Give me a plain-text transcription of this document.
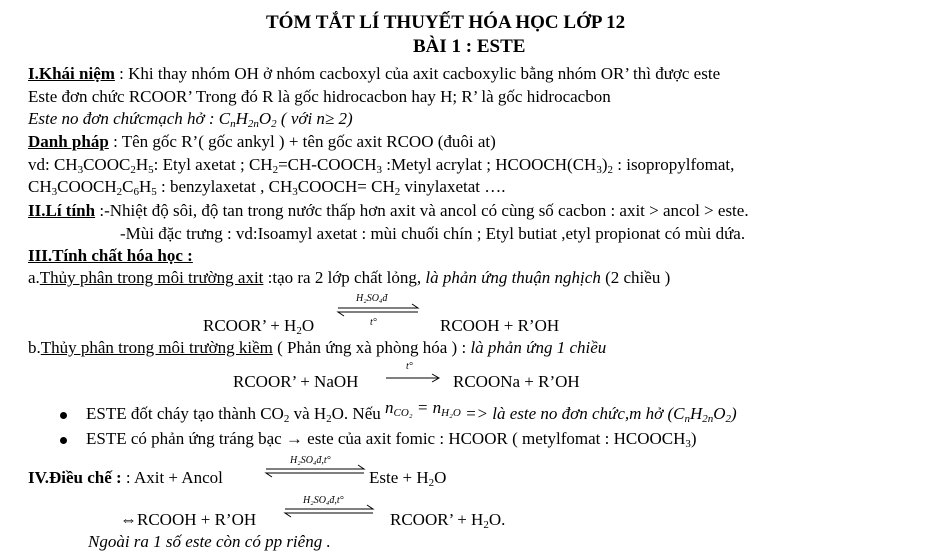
TÓM TẮT LÍ THUYẾT HÓA HỌC LỚP 12
BÀI 1 : ESTE
I.Khái niệm : Khi thay nhóm OH ở nhóm cacboxyl của axit cacboxylic bằng nhóm OR’ thì được este
Este đơn chức RCOOR’ Trong đó R là gốc hidrocacbon hay H; R’ là gốc hidrocacbon
Este no đơn chứcmạch hở : $C_nH_{2n}O_2$ ( với n≥ 2)
Danh pháp : Tên gốc R’( gốc ankyl ) + tên gốc axit RCOO (đuôi at)
vd: $CH_3COOC_2H_5$: Etyl axetat ; $CH_2=CH-COOCH_3$ :Metyl acrylat ; $HCOOCH(CH_3)_2$ : isopropylfomat,
$CH_3COOCH_2C_6H_5$ : benzylaxetat , $CH_3COOCH= CH_2$ vinylaxetat ….
II.Lí tính :-Nhiệt độ sôi, độ tan trong nước thấp hơn axit và ancol có cùng số cacbon : axit > ancol > este.
-Mùi đặc trưng : vd:Isoamyl axetat : mùi chuối chín ; Etyl butiat ,etyl propionat có mùi dứa.
III.Tính chất hóa học :
a.Thủy phân trong môi trường axit :tạo ra 2 lớp chất lỏng, là phản ứng thuận nghịch (2 chiều )
RCOOR’ + $H_2O$
H₂SO₄đ
t°	RCOOH + R’OH
b.Thủy phân trong môi trường kiềm ( Phản ứng xà phòng hóa ) : là phản ứng 1 chiều
RCOOR’ + NaOH
t°
RCOONa + R’OH
ESTE đốt cháy tạo thành $CO_2$ và $H_2O$. Nếu $n_{CO_2} = n_{H_2O}$ => là este no đơn chức,m hở $(C_nH_{2n}O_2)$
ESTE có phản ứng tráng bạc → este của axit fomic : HCOOR ( metylfomat : $HCOOCH_3$)
IV.Điều chế : : Axit + Ancol
H₂SO₄đ,t°
Este + $H_2O$
⇔RCOOH + R’OH
H₂SO₄đ,t°
RCOOR’ + $H_2O$.
Ngoài ra 1 số este còn có pp riêng .
